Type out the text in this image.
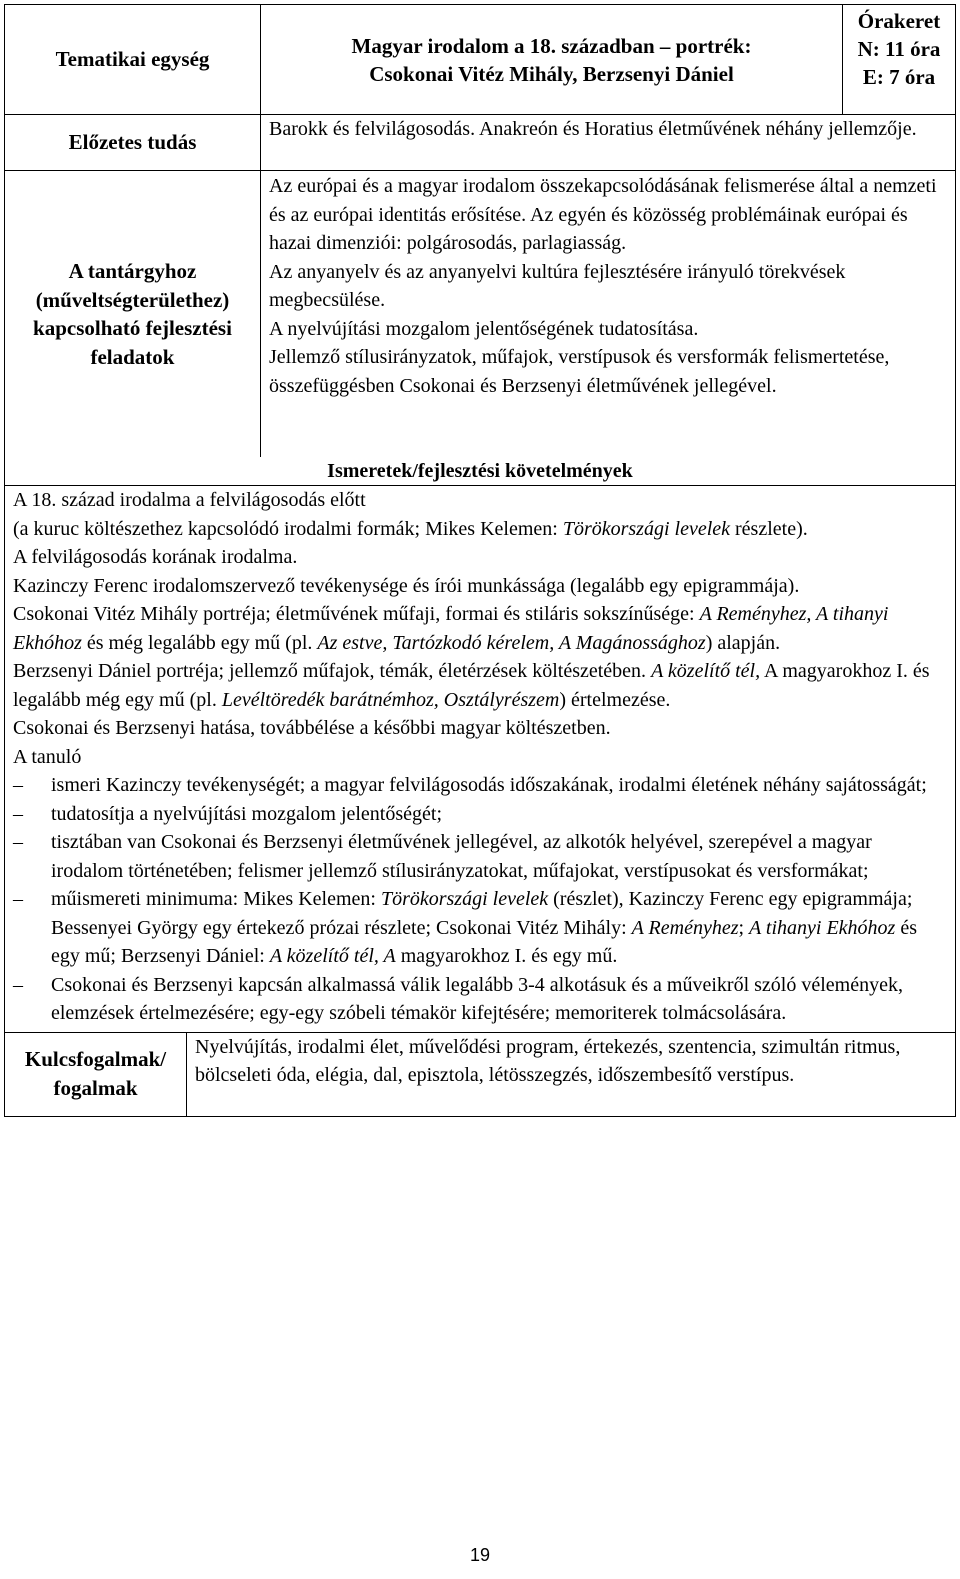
Tematikai egység
Magyar irodalom a 18. században – portrék:
Csokonai Vitéz Mihály, Berzsenyi Dániel
Órakeret
N: 11 óra
E: 7 óra
Előzetes tudás
Barokk és felvilágosodás. Anakreón és Horatius életművének néhány jellemzője.
A tantárgyhoz
(műveltségterülethez)
kapcsolható fejlesztési
feladatok
Az európai és a magyar irodalom összekapcsolódásának felismerése által a nemzeti és az európai identitás erősítése. Az egyén és közösség problémáinak európai és hazai dimenziói: polgárosodás, parlagiasság.
Az anyanyelv és az anyanyelvi kultúra fejlesztésére irányuló törekvések megbecsülése.
A nyelvújítási mozgalom jelentőségének tudatosítása.
Jellemző stílusirányzatok, műfajok, verstípusok és versformák felismertetése, összefüggésben Csokonai és Berzsenyi életművének jellegével.
Ismeretek/fejlesztési követelmények

A 18. század irodalma a felvilágosodás előtt

(a kuruc költészethez kapcsolódó irodalmi formák; Mikes Kelemen: Törökországi levelek részlete).

A felvilágosodás korának irodalma.

Kazinczy Ferenc irodalomszervező tevékenysége és írói munkássága (legalább egy epigrammája).

Csokonai Vitéz Mihály portréja; életművének műfaji, formai és stiláris sokszínűsége: A Reményhez, A tihanyi Ekhóhoz és még legalább egy mű (pl. Az estve, Tartózkodó kérelem, A Magánossághoz) alapján.

Berzsenyi Dániel portréja; jellemző műfajok, témák, életérzések költészetében. A közelítő tél, A magyarokhoz I. és legalább még egy mű (pl. Levéltöredék barátnémhoz, Osztályrészem) értelmezése.

Csokonai és Berzsenyi hatása, továbbélése a későbbi magyar költészetben.

A tanuló

– ismeri Kazinczy tevékenységét; a magyar felvilágosodás időszakának, irodalmi életének néhány sajátosságát;
– tudatosítja a nyelvújítási mozgalom jelentőségét;
– tisztában van Csokonai és Berzsenyi életművének jellegével, az alkotók helyével, szerepével a magyar irodalom történetében; felismer jellemző stílusirányzatokat, műfajokat, verstípusokat és versformákat;
– műismereti minimuma: Mikes Kelemen: Törökországi levelek (részlet), Kazinczy Ferenc egy epigrammája; Bessenyei György egy értekező prózai részlete; Csokonai Vitéz Mihály: A Reményhez; A tihanyi Ekhóhoz és egy mű; Berzsenyi Dániel: A közelítő tél, A magyarokhoz I. és egy mű.
– Csokonai és Berzsenyi kapcsán alkalmassá válik legalább 3-4 alkotásuk és a műveikről szóló vélemények, elemzések értelmezésére; egy-egy szóbeli témakör kifejtésére; memoriterek tolmácsolására.
Kulcsfogalmak/
fogalmak
Nyelvújítás, irodalmi élet, művelődési program, értekezés, szentencia, szimultán ritmus, bölcseleti óda, elégia, dal, episztola, létösszegzés, időszembesítő verstípus.
19
